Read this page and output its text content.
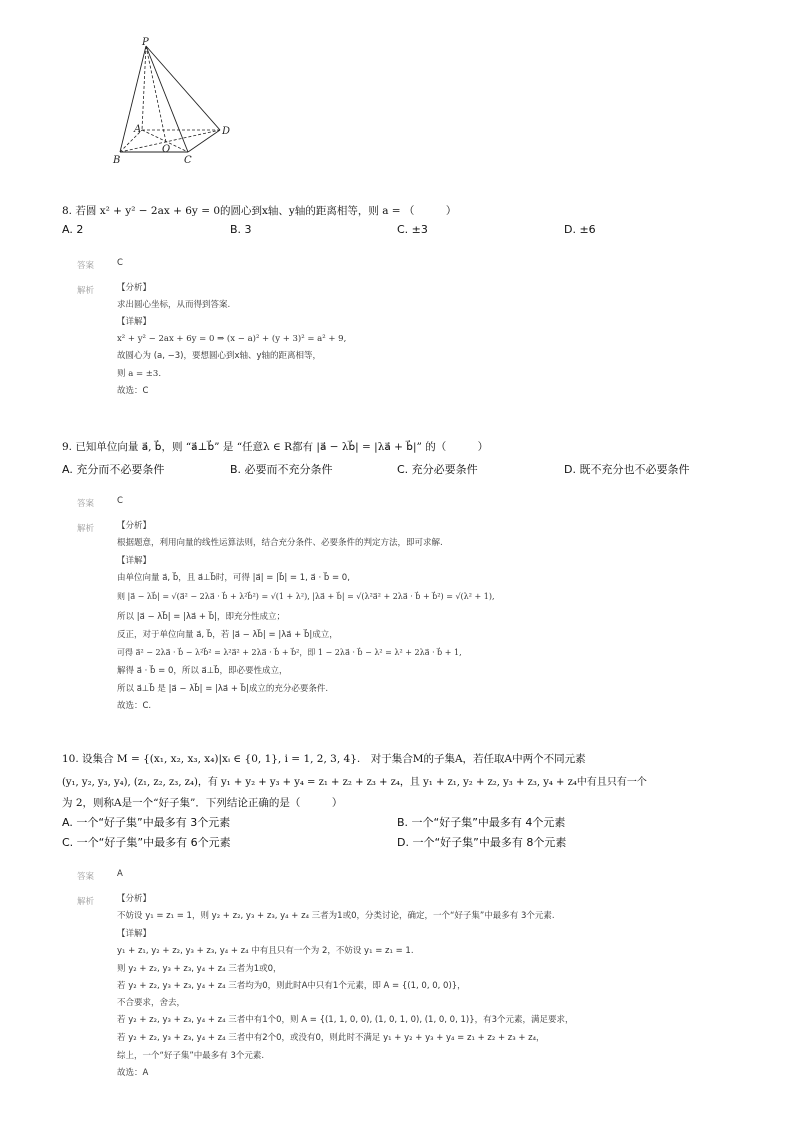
P
A
O
B	C
D
8. 若圆 x² + y² − 2ax + 6y = 0的圆心到x轴、y轴的距离相等，则 a = （　　　）
A. 2	B. 3	C. ±3	D. ±6
答案	C
解析	【分析】
求出圆心坐标，从而得到答案.
【详解】
x² + y² − 2ax + 6y = 0 ⇒ (x − a)² + (y + 3)² = a² + 9,
故圆心为 (a, −3)，要想圆心到x轴、y轴的距离相等，
则 a = ±3.
故选：C
9. 已知单位向量 a⃗, b⃗，则 “a⃗⊥b⃗” 是 “任意λ ∈ R都有 |a⃗ − λb⃗| = |λa⃗ + b⃗|” 的（　　　）
A. 充分而不必要条件	B. 必要而不充分条件	C. 充分必要条件	D. 既不充分也不必要条件
答案	C
解析	【分析】
根据题意，利用向量的线性运算法则，结合充分条件、必要条件的判定方法，即可求解.
【详解】
由单位向量 a⃗, b⃗，且 a⃗⊥b⃗时，可得 |a⃗| = |b⃗| = 1, a⃗ · b⃗ = 0,
则 |a⃗ − λb⃗| = √(a⃗² − 2λa⃗ · b⃗ + λ²b⃗²) = √(1 + λ²), |λa⃗ + b⃗| = √(λ²a⃗² + 2λa⃗ · b⃗ + b⃗²) = √(λ² + 1),
所以 |a⃗ − λb⃗| = |λa⃗ + b⃗|，即充分性成立；
反正，对于单位向量 a⃗, b⃗，若 |a⃗ − λb⃗| = |λa⃗ + b⃗|成立，
可得 a⃗² − 2λa⃗ · b⃗ − λ²b⃗² = λ²a⃗² + 2λa⃗ · b⃗ + b⃗²，即 1 − 2λa⃗ · b⃗ − λ² = λ² + 2λa⃗ · b⃗ + 1,
解得 a⃗ · b⃗ = 0，所以 a⃗⊥b⃗，即必要性成立，
所以 a⃗⊥b⃗ 是 |a⃗ − λb⃗| = |λa⃗ + b⃗|成立的充分必要条件.
故选：C.
10. 设集合 M = {(x₁, x₂, x₃, x₄)|xᵢ ∈ {0, 1}, i = 1, 2, 3, 4}.　对于集合M的子集A，若任取A中两个不同元素
(y₁, y₂, y₃, y₄), (z₁, z₂, z₃, z₄)，有 y₁ + y₂ + y₃ + y₄ = z₁ + z₂ + z₃ + z₄，且 y₁ + z₁, y₂ + z₂, y₃ + z₃, y₄ + z₄中有且只有一个
为 2，则称A是一个“好子集”．下列结论正确的是（　　　）
A. 一个“好子集”中最多有 3个元素	B. 一个“好子集”中最多有 4个元素
C. 一个“好子集”中最多有 6个元素	D. 一个“好子集”中最多有 8个元素
答案	A
解析	【分析】
不妨设 y₁ = z₁ = 1，则 y₂ + z₂, y₃ + z₃, y₄ + z₄ 三者为1或0，分类讨论，确定，一个“好子集”中最多有 3个元素.
【详解】
y₁ + z₁, y₂ + z₂, y₃ + z₃, y₄ + z₄ 中有且只有一个为 2，不妨设 y₁ = z₁ = 1.
则 y₂ + z₂, y₃ + z₃, y₄ + z₄ 三者为1或0，
若 y₂ + z₂, y₃ + z₃, y₄ + z₄ 三者均为0，则此时A中只有1个元素，即 A = {(1, 0, 0, 0)}，
不合要求，舍去，
若 y₂ + z₂, y₃ + z₃, y₄ + z₄ 三者中有1个0，则 A = {(1, 1, 0, 0), (1, 0, 1, 0), (1, 0, 0, 1)}，有3个元素，满足要求，
若 y₂ + z₂, y₃ + z₃, y₄ + z₄ 三者中有2个0，或没有0，则此时不满足 y₁ + y₂ + y₃ + y₄ = z₁ + z₂ + z₃ + z₄，
综上，一个“好子集”中最多有 3个元素.
故选：A
